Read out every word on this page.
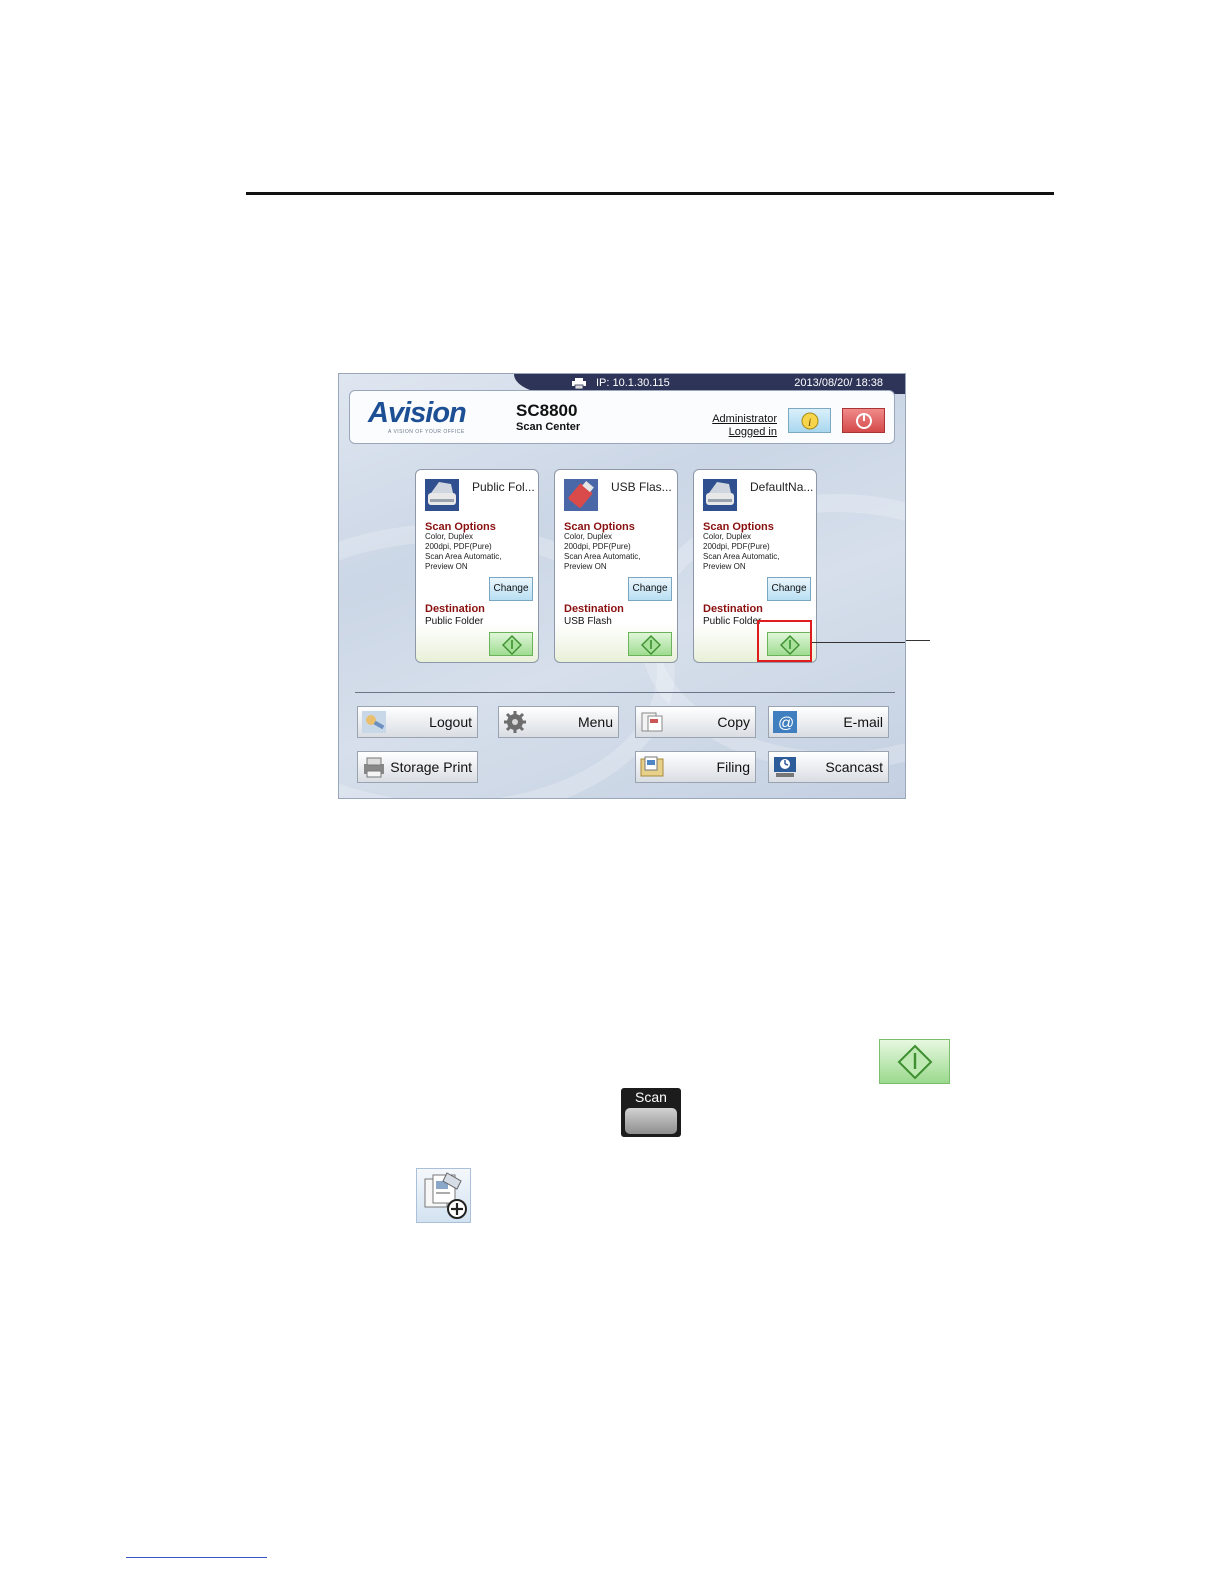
IP: 10.1.30.115	2013/08/20/ 18:38
Avision
A VISION OF YOUR OFFICE
SC8800
Scan Center
Administrator
Logged in
i
Public Fol...
Scan Options
Color, Duplex
200dpi, PDF(Pure)
Scan Area Automatic,
Preview ON
Change
Destination
Public Folder
USB Flas...
Scan Options
Color, Duplex
200dpi, PDF(Pure)
Scan Area Automatic,
Preview ON
Change
Destination
USB Flash
DefaultNa...
Scan Options
Color, Duplex
200dpi, PDF(Pure)
Scan Area Automatic,
Preview ON
Change
Destination
Public Folder
Logout	Menu	Copy @	E-mail
Storage Print	Filing	Scancast
Scan
